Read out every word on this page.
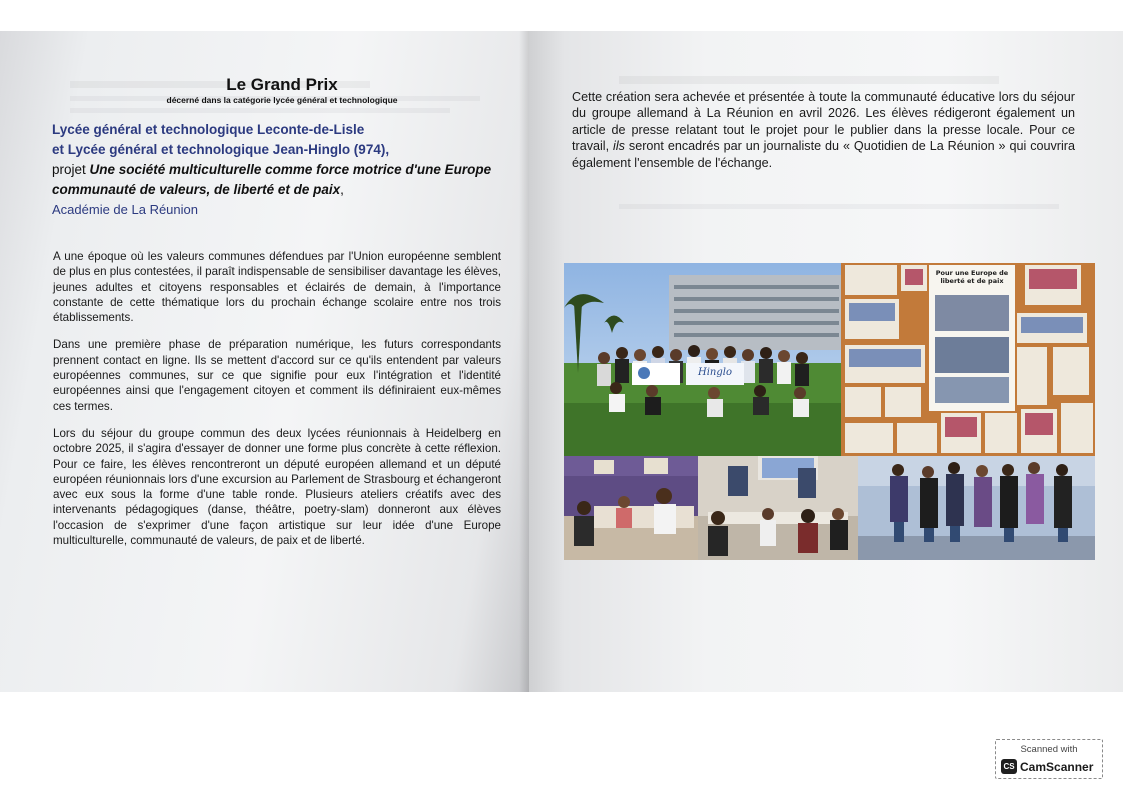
Le Grand Prix
décerné dans la catégorie lycée général et technologique
Lycée général et technologique Leconte-de-Lisle
et Lycée général et technologique Jean-Hinglo (974),
projet Une société multiculturelle comme force motrice d'une Europe communauté de valeurs, de liberté et de paix,
Académie de La Réunion

A une époque où les valeurs communes défendues par l'Union européenne semblent de plus en plus contestées, il paraît indispensable de sensibiliser davantage les élèves, jeunes adultes et citoyens responsables et éclairés de demain, à l'importance constante de cette thématique lors du prochain échange scolaire entre nos trois établissements.

Dans une première phase de préparation numérique, les futurs correspondants prennent contact en ligne. Ils se mettent d'accord sur ce qu'ils entendent par valeurs européennes communes, sur ce que signifie pour eux l'intégration et l'identité européennes ainsi que l'engagement citoyen et comment ils définiraient eux-mêmes ces termes.

Lors du séjour du groupe commun des deux lycées réunionnais à Heidelberg en octobre 2025, il s'agira d'essayer de donner une forme plus concrète à cette réflexion. Pour ce faire, les élèves rencontreront un député européen allemand et un député européen réunionnais lors d'une excursion au Parlement de Strasbourg et échangeront avec eux sous la forme d'une table ronde. Plusieurs ateliers créatifs avec des intervenants pédagogiques (danse, théâtre, poetry-slam) donneront aux élèves l'occasion de s'exprimer d'une façon artistique sur leur idée d'une Europe multiculturelle, communauté de valeurs, de paix et de liberté.

Cette création sera achevée et présentée à toute la communauté éducative lors du séjour du groupe allemand à La Réunion en avril 2026. Les élèves rédigeront également un article de presse relatant tout le projet pour le publier dans la presse locale. Pour ce travail, ils seront encadrés par un journaliste du « Quotidien de La Réunion » qui couvrira également l'ensemble de l'échange.
Hinglo
Pour une Europe de liberté et de paix
Scanned with
CS CamScanner
